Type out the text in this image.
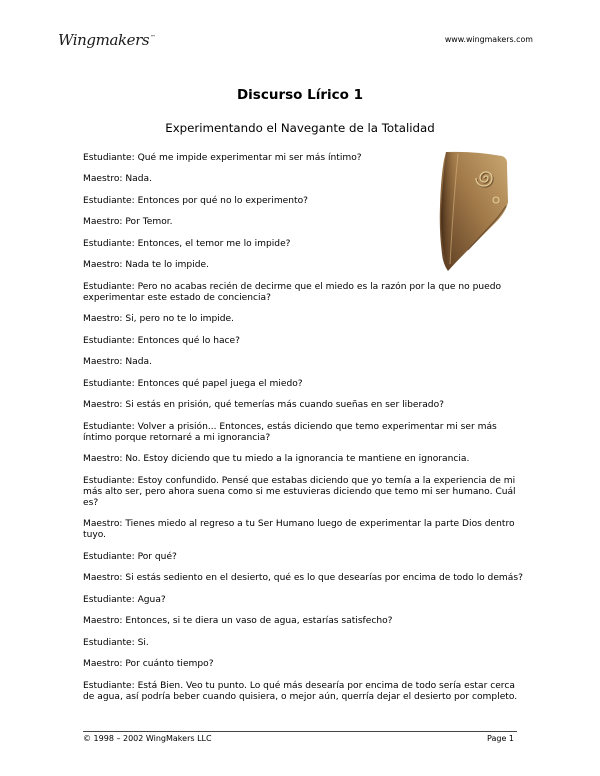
Wingmakers™	www.wingmakers.com
Discurso Lírico 1
Experimentando el Navegante de la Totalidad

Estudiante: Qué me impide experimentar mi ser más íntimo?

Maestro: Nada.

Estudiante: Entonces por qué no lo experimento?

Maestro: Por Temor.

Estudiante: Entonces, el temor me lo impide?

Maestro: Nada te lo impide.

Estudiante: Pero no acabas recién de decirme que el miedo es la razón por la que no puedo
experimentar este estado de conciencia?

Maestro: Si, pero no te lo impide.

Estudiante: Entonces qué lo hace?

Maestro: Nada.

Estudiante: Entonces qué papel juega el miedo?

Maestro: Si estás en prisión, qué temerías más cuando sueñas en ser liberado?

Estudiante: Volver a prisión... Entonces, estás diciendo que temo experimentar mi ser más
íntimo porque retornaré a mi ignorancia?

Maestro: No. Estoy diciendo que tu miedo a la ignorancia te mantiene en ignorancia.

Estudiante: Estoy confundido. Pensé que estabas diciendo que yo temía a la experiencia de mi
más alto ser, pero ahora suena como si me estuvieras diciendo que temo mi ser humano. Cuál
es?

Maestro: Tienes miedo al regreso a tu Ser Humano luego de experimentar la parte Dios dentro
tuyo.

Estudiante: Por qué?

Maestro: Si estás sediento en el desierto, qué es lo que desearías por encima de todo lo demás?

Estudiante: Agua?

Maestro: Entonces, si te diera un vaso de agua, estarías satisfecho?

Estudiante: Si.

Maestro: Por cuánto tiempo?

Estudiante: Está Bien. Veo tu punto. Lo qué más desearía por encima de todo sería estar cerca
de agua, así podría beber cuando quisiera, o mejor aún, querría dejar el desierto por completo.

© 1998 – 2002 WingMakers LLC	Page 1
